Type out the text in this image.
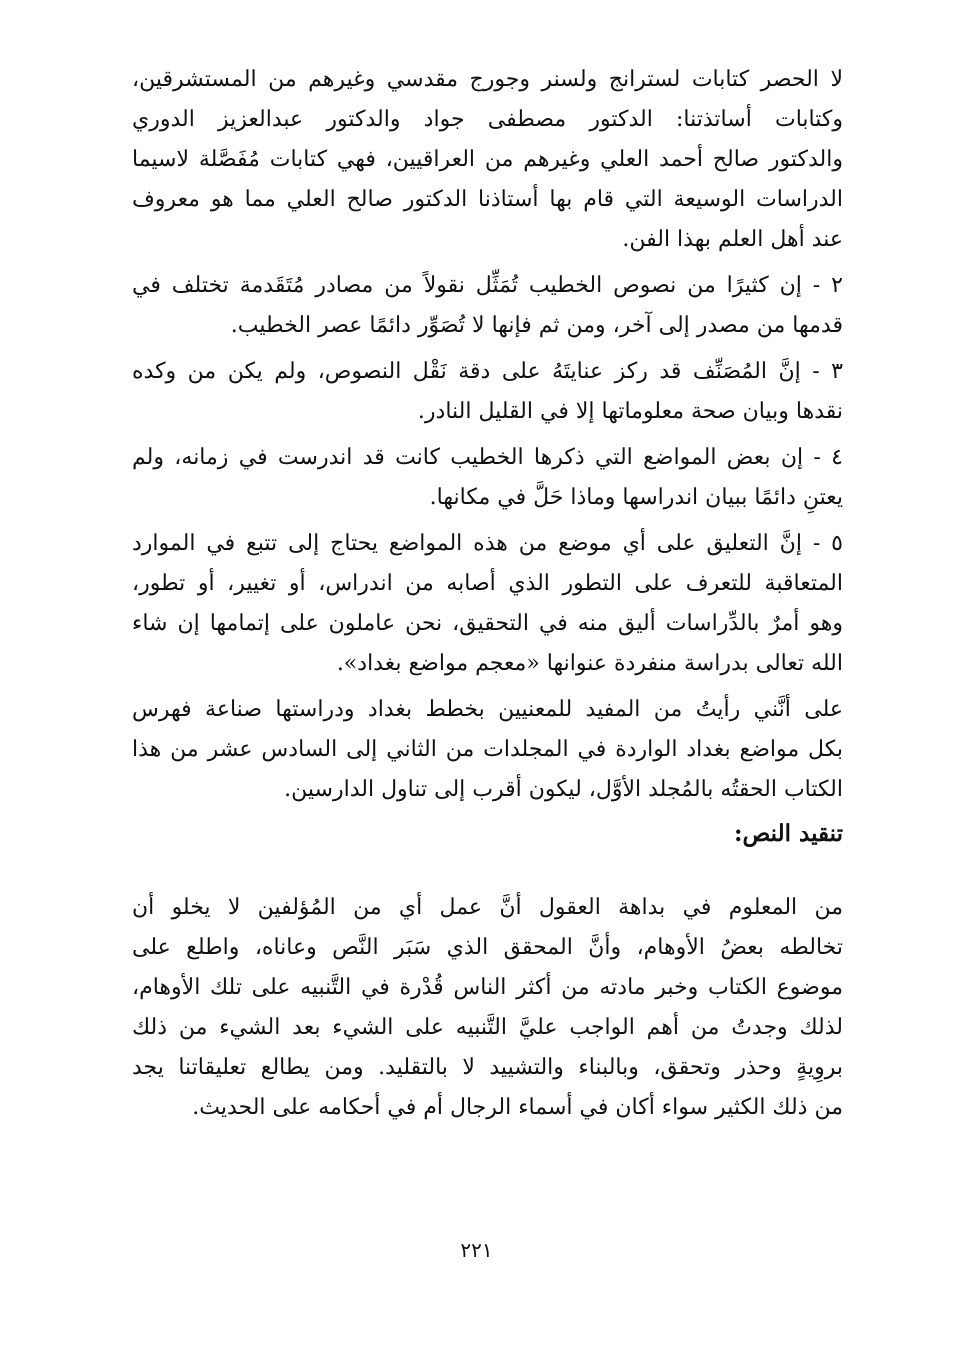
لا الحصر كتابات لسترانج ولسنر وجورج مقدسي وغيرهم من المستشرقين،
وكتابات أساتذتنا: الدكتور مصطفى جواد والدكتور عبدالعزيز الدوري
والدكتور صالح أحمد العلي وغيرهم من العراقيين، فهي كتابات مُفَصَّلة لاسيما
الدراسات الوسيعة التي قام بها أستاذنا الدكتور صالح العلي مما هو معروف
عند أهل العلم بهذا الفن.
٢ - إن كثيرًا من نصوص الخطيب تُمَثِّل نقولاً من مصادر مُتَقَدمة تختلف في
قدمها من مصدر إلى آخر، ومن ثم فإنها لا تُصَوِّر دائمًا عصر الخطيب.
٣ - إنَّ المُصَنِّف قد ركز عنايتَهُ على دقة نَقْل النصوص، ولم يكن من وكده
نقدها وبيان صحة معلوماتها إلا في القليل النادر.
٤ - إن بعض المواضع التي ذكرها الخطيب كانت قد اندرست في زمانه، ولم
يعتنِ دائمًا ببيان اندراسها وماذا حَلَّ في مكانها.
٥ - إنَّ التعليق على أي موضع من هذه المواضع يحتاج إلى تتبع في الموارد
المتعاقبة للتعرف على التطور الذي أصابه من اندراس، أو تغيير، أو تطور،
وهو أمرٌ بالدِّراسات أليق منه في التحقيق، نحن عاملون على إتمامها إن شاء
الله تعالى بدراسة منفردة عنوانها «معجم مواضع بغداد».
على أنَّني رأيتُ من المفيد للمعنيين بخطط بغداد ودراستها صناعة فهرس
بكل مواضع بغداد الواردة في المجلدات من الثاني إلى السادس عشر من هذا
الكتاب الحقتُه بالمُجلد الأوَّل، ليكون أقرب إلى تناول الدارسين.
تنقيد النص:
من المعلوم في بداهة العقول أنَّ عمل أي من المُؤلفين لا يخلو أن
تخالطه بعضُ الأوهام، وأنَّ المحقق الذي سَبَر النَّص وعاناه، واطلع على
موضوع الكتاب وخبر مادته من أكثر الناس قُدْرة في التَّنبيه على تلك الأوهام،
لذلك وجدتُ من أهم الواجب عليَّ التَّنبيه على الشيء بعد الشيء من ذلك
بروِيةٍ وحذر وتحقق، وبالبناء والتشييد لا بالتقليد. ومن يطالع تعليقاتنا يجد
من ذلك الكثير سواء أكان في أسماء الرجال أم في أحكامه على الحديث.
٢٢١
